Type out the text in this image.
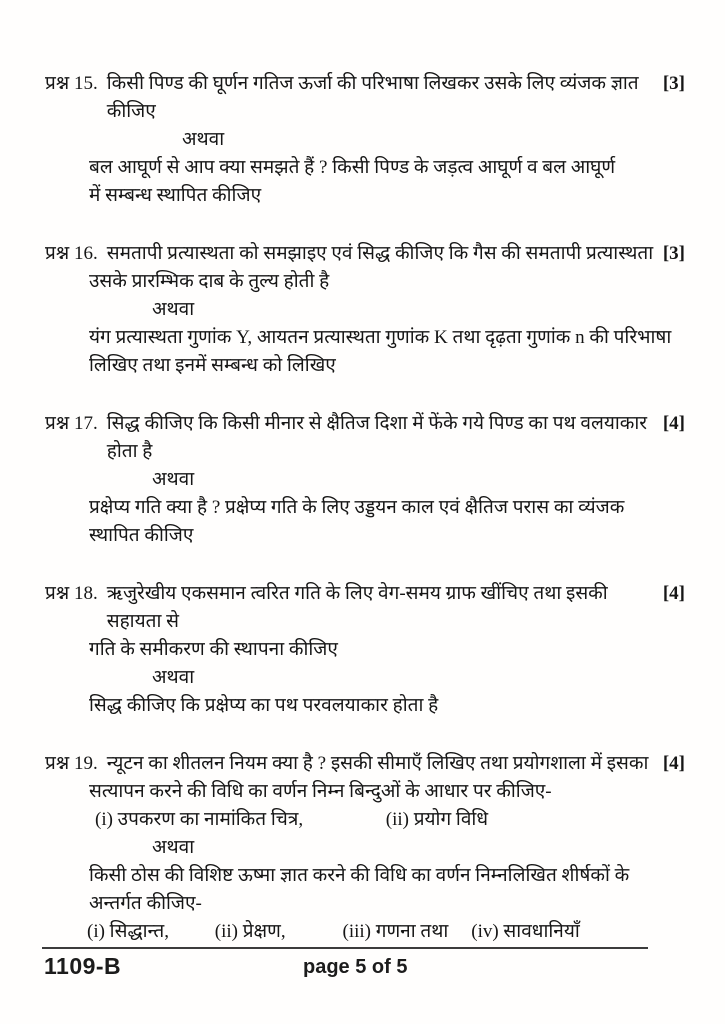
प्रश्न 15. किसी पिण्ड की घूर्णन गतिज ऊर्जा की परिभाषा लिखकर उसके लिए व्यंजक ज्ञात कीजिए
[3]
अथवा
बल आघूर्ण से आप क्या समझते हैं ? किसी पिण्ड के जड़त्व आघूर्ण व बल आघूर्ण
में सम्बन्ध स्थापित कीजिए
प्रश्न 16. समतापी प्रत्यास्थता को समझाइए एवं सिद्ध कीजिए कि गैस की समतापी प्रत्यास्थता [3]
उसके प्रारम्भिक दाब के तुल्य होती है
अथवा
यंग प्रत्यास्थता गुणांक Y, आयतन प्रत्यास्थता गुणांक K तथा दृढ़ता गुणांक n की परिभाषा
लिखिए तथा इनमें सम्बन्ध को लिखिए
प्रश्न 17. सिद्ध कीजिए कि किसी मीनार से क्षैतिज दिशा में फेंके गये पिण्ड का पथ वलयाकार होता है
[4]
अथवा
प्रक्षेप्य गति क्या है ? प्रक्षेप्य गति के लिए उड्डयन काल एवं क्षैतिज परास का व्यंजक
स्थापित कीजिए
प्रश्न 18. ऋजुरेखीय एकसमान त्वरित गति के लिए वेग-समय ग्राफ खींचिए तथा इसकी सहायता से
[4]
गति के समीकरण की स्थापना कीजिए
अथवा
सिद्ध कीजिए कि प्रक्षेप्य का पथ परवलयाकार होता है
प्रश्न 19. न्यूटन का शीतलन नियम क्या है ? इसकी सीमाएँ लिखिए तथा प्रयोगशाला में इसका [4]
सत्यापन करने की विधि का वर्णन निम्न बिन्दुओं के आधार पर कीजिए-
(i) उपकरण का नामांकित चित्र,	(ii) प्रयोग विधि
अथवा
किसी ठोस की विशिष्ट ऊष्मा ज्ञात करने की विधि का वर्णन निम्नलिखित शीर्षकों के
अन्तर्गत कीजिए-
(i) सिद्धान्त, (ii) प्रेक्षण,	(iii) गणना तथा (iv) सावधानियाँ
1109-B	page 5 of 5
